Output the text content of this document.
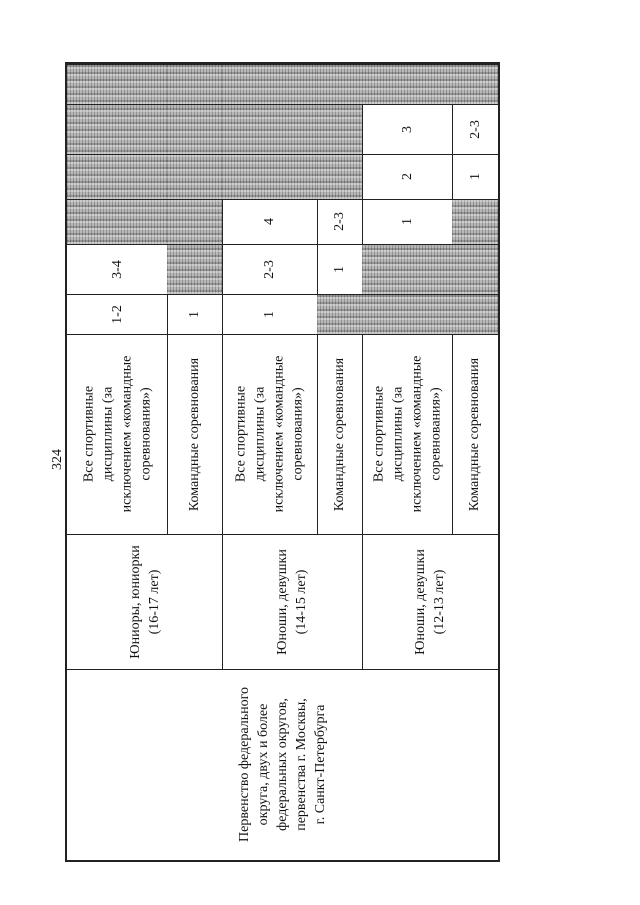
324
Первенство федерального
округа, двух и более
федеральных округов,
первенства г. Москвы,
г. Санкт-Петербурга
Юниоры, юниорки
(16-17 лет)
Все спортивные
дисциплины (за
исключением «командные
соревнования»)
1-2
3-4
Командные соревнования
1
Юноши, девушки
(14-15 лет)
Все спортивные
дисциплины (за
исключением «командные
соревнования»)
1
2-3
4
Командные соревнования
1
2-3
Юноши, девушки
(12-13 лет)
Все спортивные
дисциплины (за
исключением «командные
соревнования»)
1
2
3
Командные соревнования
1
2-3
